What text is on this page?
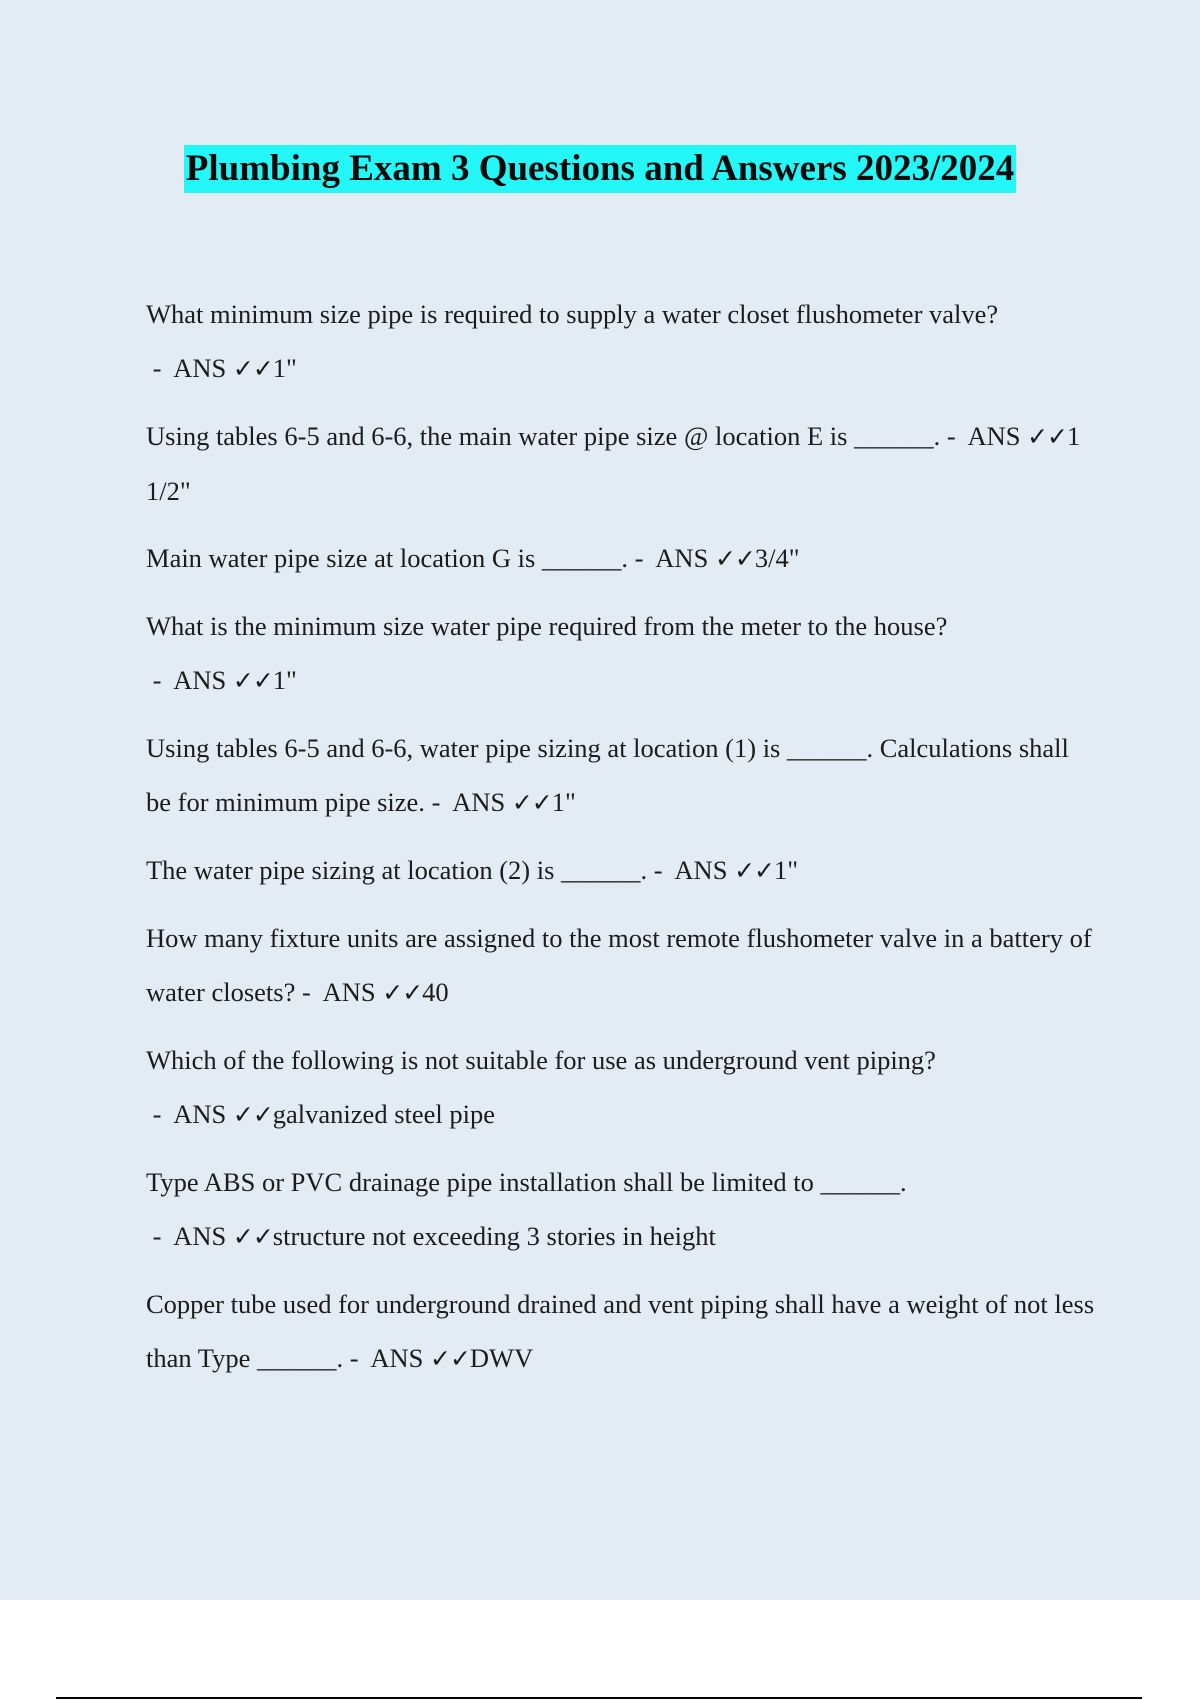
Plumbing Exam 3 Questions and Answers 2023/2024
What minimum size pipe is required to supply a water closet flushometer valve? -  ANS ✓✓1"
Using tables 6-5 and 6-6, the main water pipe size @ location E is ______. -  ANS ✓✓1 1/2"
Main water pipe size at location G is ______. -  ANS ✓✓3/4"
What is the minimum size water pipe required from the meter to the house? -  ANS ✓✓1"
Using tables 6-5 and 6-6, water pipe sizing at location (1) is ______. Calculations shall be for minimum pipe size. -  ANS ✓✓1"
The water pipe sizing at location (2) is ______. -  ANS ✓✓1"
How many fixture units are assigned to the most remote flushometer valve in a battery of water closets? -  ANS ✓✓40
Which of the following is not suitable for use as underground vent piping? -  ANS ✓✓galvanized steel pipe
Type ABS or PVC drainage pipe installation shall be limited to ______. -  ANS ✓✓structure not exceeding 3 stories in height
Copper tube used for underground drained and vent piping shall have a weight of not less than Type ______. -  ANS ✓✓DWV
